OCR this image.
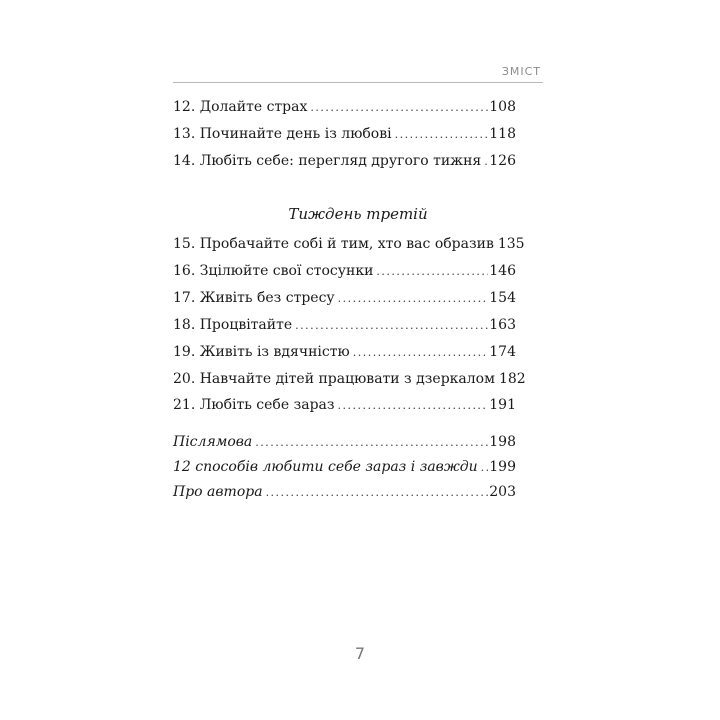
ЗМІСТ
12. Долайте страх .....	108
13. Починайте день із любові .....	118
14. Любіть себе: перегляд другого тижня ..... 126
15. Пробачайте собі й тим, хто вас образив 135
16. Зцілюйте свої стосунки .....	146
17. Живіть без стресу .....	154
18. Процвітайте .....	163
19. Живіть із вдячністю .....	174
20. Навчайте дітей працювати з дзеркалом 182
21. Любіть себе зараз .....	191
Післямова .....	198
12 способів любити себе зараз і завжди ..... 199
Про автора .....	203
Тиждень третій
7
